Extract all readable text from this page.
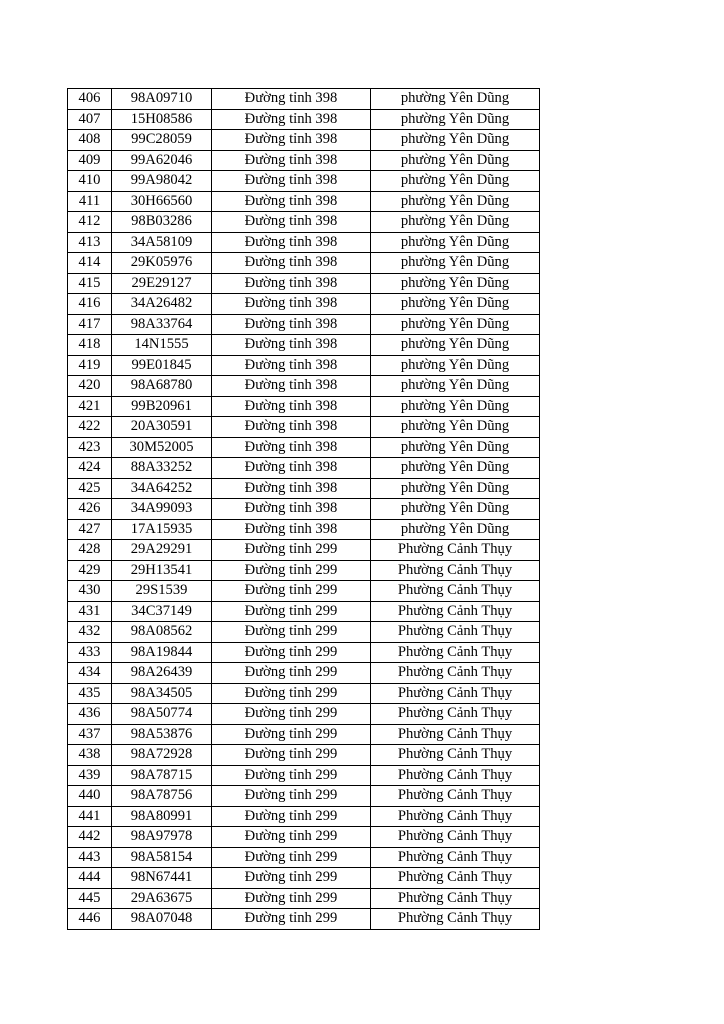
406	98A09710	Đường tỉnh 398	phường Yên Dũng
407	15H08586	Đường tỉnh 398	phường Yên Dũng
408	99C28059	Đường tỉnh 398	phường Yên Dũng
409	99A62046	Đường tỉnh 398	phường Yên Dũng
410	99A98042	Đường tỉnh 398	phường Yên Dũng
411	30H66560	Đường tỉnh 398	phường Yên Dũng
412	98B03286	Đường tỉnh 398	phường Yên Dũng
413	34A58109	Đường tỉnh 398	phường Yên Dũng
414	29K05976	Đường tỉnh 398	phường Yên Dũng
415	29E29127	Đường tỉnh 398	phường Yên Dũng
416	34A26482	Đường tỉnh 398	phường Yên Dũng
417	98A33764	Đường tỉnh 398	phường Yên Dũng
418	14N1555	Đường tỉnh 398	phường Yên Dũng
419	99E01845	Đường tỉnh 398	phường Yên Dũng
420	98A68780	Đường tỉnh 398	phường Yên Dũng
421	99B20961	Đường tỉnh 398	phường Yên Dũng
422	20A30591	Đường tỉnh 398	phường Yên Dũng
423	30M52005	Đường tỉnh 398	phường Yên Dũng
424	88A33252	Đường tỉnh 398	phường Yên Dũng
425	34A64252	Đường tỉnh 398	phường Yên Dũng
426	34A99093	Đường tỉnh 398	phường Yên Dũng
427	17A15935	Đường tỉnh 398	phường Yên Dũng
428	29A29291	Đường tỉnh 299	Phường Cảnh Thụy
429	29H13541	Đường tỉnh 299	Phường Cảnh Thụy
430	29S1539	Đường tỉnh 299	Phường Cảnh Thụy
431	34C37149	Đường tỉnh 299	Phường Cảnh Thụy
432	98A08562	Đường tỉnh 299	Phường Cảnh Thụy
433	98A19844	Đường tỉnh 299	Phường Cảnh Thụy
434	98A26439	Đường tỉnh 299	Phường Cảnh Thụy
435	98A34505	Đường tỉnh 299	Phường Cảnh Thụy
436	98A50774	Đường tỉnh 299	Phường Cảnh Thụy
437	98A53876	Đường tỉnh 299	Phường Cảnh Thụy
438	98A72928	Đường tỉnh 299	Phường Cảnh Thụy
439	98A78715	Đường tỉnh 299	Phường Cảnh Thụy
440	98A78756	Đường tỉnh 299	Phường Cảnh Thụy
441	98A80991	Đường tỉnh 299	Phường Cảnh Thụy
442	98A97978	Đường tỉnh 299	Phường Cảnh Thụy
443	98A58154	Đường tỉnh 299	Phường Cảnh Thụy
444	98N67441	Đường tỉnh 299	Phường Cảnh Thụy
445	29A63675	Đường tỉnh 299	Phường Cảnh Thụy
446	98A07048	Đường tỉnh 299	Phường Cảnh Thụy
